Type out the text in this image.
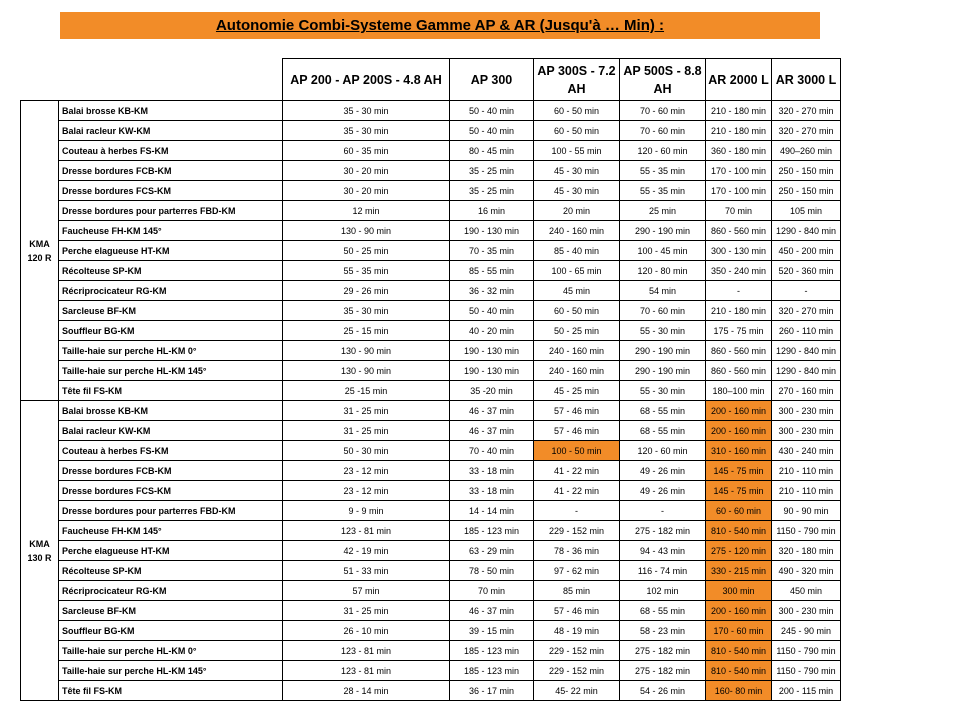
Autonomie Combi-Systeme Gamme AP & AR (Jusqu'à … Min) :
		AP 200 - AP 200S - 4.8 AH	AP 300	AP 300S - 7.2 AH	AP 500S - 8.8 AH	AR 2000 L	AR 3000 L

KMA
120 R	Balai brosse KB-KM	35 - 30 min	50 - 40 min	60 - 50 min	70 - 60 min	210 - 180 min	320 - 270 min
	Balai racleur KW-KM	35 - 30 min	50 - 40 min	60 - 50 min	70 - 60 min	210 - 180 min	320 - 270 min
	Couteau à herbes FS-KM	60 - 35 min	80 - 45 min	100 - 55 min	120 - 60 min	360 - 180 min	490–260 min
	Dresse bordures FCB-KM	30 - 20 min	35 - 25 min	45 - 30 min	55 - 35 min	170 - 100 min	250 - 150 min
	Dresse bordures FCS-KM	30 - 20 min	35 - 25 min	45 - 30 min	55 - 35 min	170 - 100 min	250 - 150 min
	Dresse bordures pour parterres FBD-KM	12 min	16 min	20 min	25 min	70 min	105 min
	Faucheuse FH-KM 145°	130 - 90 min	190 - 130 min	240 - 160 min	290 - 190 min	860 - 560 min	1290 - 840 min
	Perche elagueuse HT-KM	50 - 25 min	70 - 35 min	85 - 40 min	100 - 45 min	300 - 130 min	450 - 200 min
	Récolteuse SP-KM	55 - 35 min	85 - 55 min	100 - 65 min	120 - 80 min	350 - 240 min	520 - 360 min
	Récriprocicateur RG-KM	29 - 26 min	36 - 32 min	45 min	54 min	-	-
	Sarcleuse BF-KM	35 - 30 min	50 - 40 min	60 - 50 min	70 - 60 min	210 - 180 min	320 - 270 min
	Souffleur BG-KM	25 - 15 min	40 - 20 min	50 - 25 min	55 - 30 min	175 - 75 min	260 - 110 min
	Taille-haie sur perche HL-KM 0°	130 - 90 min	190 - 130 min	240 - 160 min	290 - 190 min	860 - 560 min	1290 - 840 min
	Taille-haie sur perche HL-KM 145°	130 - 90 min	190 - 130 min	240 - 160 min	290 - 190 min	860 - 560 min	1290 - 840 min
	Tête fil FS-KM	25 -15 min	35 -20 min	45 - 25 min	55 - 30 min	180–100 min	270 - 160 min

KMA
130 R	Balai brosse KB-KM	31 - 25 min	46 - 37 min	57 - 46 min	68 - 55 min	200 - 160 min	300 - 230 min
	Balai racleur KW-KM	31 - 25 min	46 - 37 min	57 - 46 min	68 - 55 min	200 - 160 min	300 - 230 min
	Couteau à herbes FS-KM	50 - 30 min	70 - 40 min	100 - 50 min	120 - 60 min	310 - 160 min	430 - 240 min
	Dresse bordures FCB-KM	23 - 12 min	33 - 18 min	41 - 22 min	49 - 26 min	145 - 75 min	210 - 110 min
	Dresse bordures FCS-KM	23 - 12 min	33 - 18 min	41 - 22 min	49 - 26 min	145 - 75 min	210 - 110 min
	Dresse bordures pour parterres FBD-KM	9 - 9 min	14 - 14 min	-	-	60 - 60 min	90 - 90 min
	Faucheuse FH-KM 145°	123 - 81 min	185 - 123 min	229 - 152 min	275 - 182 min	810 - 540 min	1150 - 790 min
	Perche elagueuse HT-KM	42 - 19 min	63 - 29 min	78 - 36 min	94 - 43 min	275 - 120 min	320 - 180 min
	Récolteuse SP-KM	51 - 33 min	78 - 50 min	97 - 62 min	116 - 74 min	330 - 215 min	490 - 320 min
	Récriprocicateur RG-KM	57 min	70 min	85 min	102 min	300 min	450 min
	Sarcleuse BF-KM	31 - 25 min	46 - 37 min	57 - 46 min	68 - 55 min	200 - 160 min	300 - 230 min
	Souffleur BG-KM	26 - 10 min	39 - 15 min	48 - 19 min	58 - 23 min	170 - 60 min	245 - 90 min
	Taille-haie sur perche HL-KM 0°	123 - 81 min	185 - 123 min	229 - 152 min	275 - 182 min	810 - 540 min	1150 - 790 min
	Taille-haie sur perche HL-KM 145°	123 - 81 min	185 - 123 min	229 - 152 min	275 - 182 min	810 - 540 min	1150 - 790 min
	Tête fil FS-KM	28 - 14 min	36 - 17 min	45- 22 min	54 - 26 min	160- 80 min	200 - 115 min
